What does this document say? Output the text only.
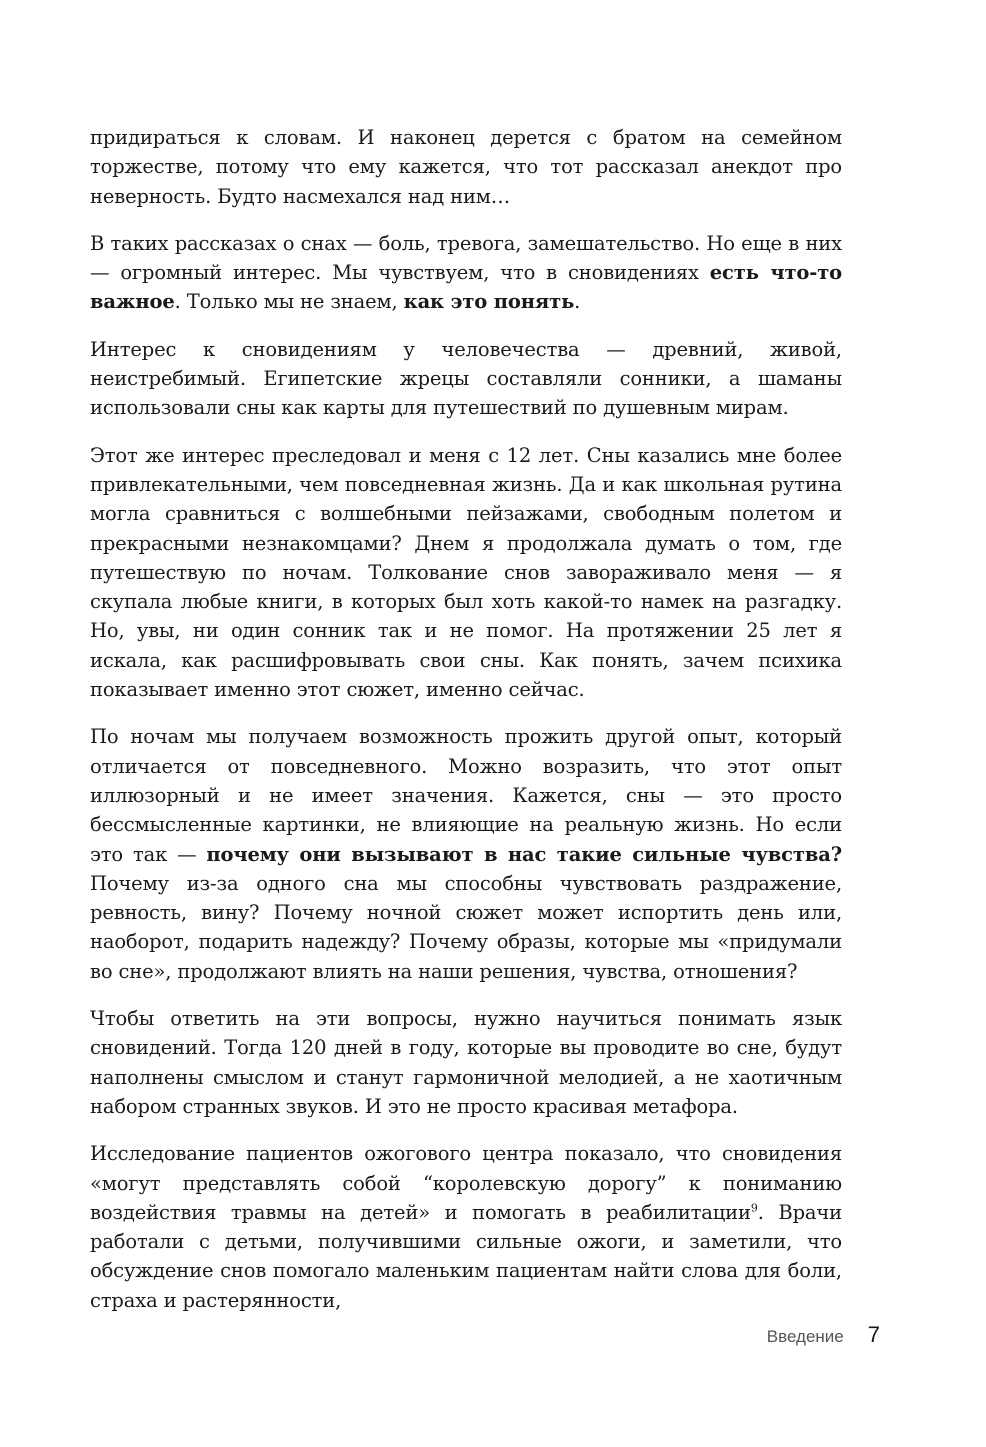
придираться к словам. И наконец дерется с братом на семейном торжестве, потому что ему кажется, что тот рассказал анекдот про неверность. Будто насмехался над ним…

В таких рассказах о снах — боль, тревога, замешательство. Но еще в них — огромный интерес. Мы чувствуем, что в сновидениях есть что-то важное. Только мы не знаем, как это понять.

Интерес к сновидениям у человечества — древний, живой, неистребимый. Египетские жрецы составляли сонники, а шаманы использовали сны как карты для путешествий по душевным мирам.

Этот же интерес преследовал и меня с 12 лет. Сны казались мне более привлекательными, чем повседневная жизнь. Да и как школьная рутина могла сравниться с волшебными пейзажами, свободным полетом и прекрасными незнакомцами? Днем я продолжала думать о том, где путешествую по ночам. Толкование снов завораживало меня — я скупала любые книги, в которых был хоть какой-то намек на разгадку. Но, увы, ни один сонник так и не помог. На протяжении 25 лет я искала, как расшифровывать свои сны. Как понять, зачем психика показывает именно этот сюжет, именно сейчас.

По ночам мы получаем возможность прожить другой опыт, который отличается от повседневного. Можно возразить, что этот опыт иллюзорный и не имеет значения. Кажется, сны — это просто бессмысленные картинки, не влияющие на реальную жизнь. Но если это так — почему они вызывают в нас такие сильные чувства? Почему из-за одного сна мы способны чувствовать раздражение, ревность, вину? Почему ночной сюжет может испортить день или, наоборот, подарить надежду? Почему образы, которые мы «придумали во сне», продолжают влиять на наши решения, чувства, отношения?

Чтобы ответить на эти вопросы, нужно научиться понимать язык сновидений. Тогда 120 дней в году, которые вы проводите во сне, будут наполнены смыслом и станут гармоничной мелодией, а не хаотичным набором странных звуков. И это не просто красивая метафора.

Исследование пациентов ожогового центра показало, что сновидения «могут представлять собой “королевскую дорогу” к пониманию воздействия травмы на детей» и помогать в реабилитации$^9$. Врачи работали с детьми, получившими сильные ожоги, и заметили, что обсуждение снов помогало маленьким пациентам найти слова для боли, страха и растерянности,

Введение 7
